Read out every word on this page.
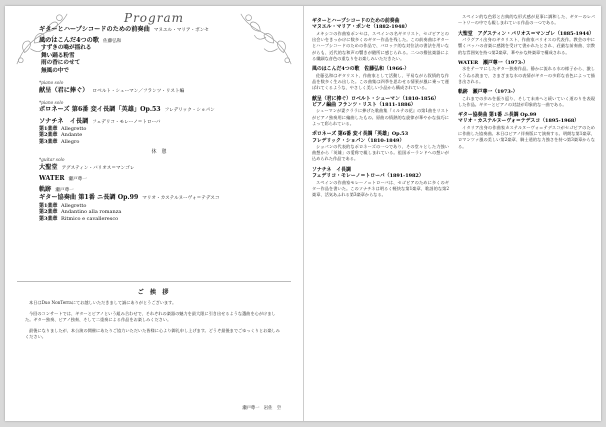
Program
ギターとハープシコードのための前奏曲 マヌエル・マリア・ポンセ
風のはこんだ4つの歌 佐藤弘和
すずきの鳴が揺れる
舞い踊る粉雪
雨の香にのせて
無風の中で
*piano solo
献呈（君に捧ぐ） ロベルト・シューマン／フランツ・リスト編
*piano solo
ポロネーズ 第6番 変イ長調「英雄」Op.53 フレデリック・ショパン
ソナチネ　イ長調 フェデリコ・モレーノ＝トローバ
第1楽章 Allegretto
第2楽章 Andante
第3楽章 Allegro
休　憩
*guitar solo
大聖堂 アグスティン・バリオス＝マンゴレ
WATER 瀬戸尊一
軌跡 瀬戸尊一
ギター協奏曲 第1番 ニ長調 Op.99 マリオ・カステルヌーヴォ＝テデスコ
第1楽章 Allegretto
第2楽章 Andantino alla romanza
第3楽章 Ritmico e cavalleresco
ご 挨 拶

本日はDuo NonTerraにてお越しいただきまして誠にありがとうございます。

今回のコンサートでは、ギターとピアノという組み合わせで、それぞれの楽器の魅力を最大限に引き出せるような選曲を心がけました。ギター独奏、ピアノ独奏、そして二重奏による作品をお楽しみください。

最後になりましたが、本公演の開催にあたりご協力いただいた皆様に心より御礼申し上げます。どうぞ最後までごゆっくりとお楽しみください。

瀬戸尊一　岩佐　空
ギターとハープシコードのための前奏曲
マヌエル・マリア・ポンセ（1882-1948）
メキシコの作曲家ポンセは、スペインの名ギタリスト、セゴビアとの出会いをきっかけに数多くのギター作品を残した。この前奏曲はギターとハープシコードのための作品で、バロック的な対位法の書法を用いながらも、近代的な和声の響きが随所に感じられる。二つの撥弦楽器による繊細な音色の重なりをお楽しみいただきたい。
風のはこんだ4つの歌　佐藤弘和（1966-）
佐藤弘和はギタリスト、作曲家として活動し、平易ながら叙情的な作品を数多く生み出した。この曲集は四季を思わせる情景が風に乗って運ばれてくるような、やさしく美しい小品から構成されている。
献呈（君に捧ぐ）ロベルト・シューマン（1810-1856）
ピアノ編曲 フランツ・リスト（1811-1886）
シューマンが妻クララに捧げた歌曲集『ミルテの花』の第1曲をリストがピアノ独奏用に編曲したもの。原曲の情熱的な旋律が華やかな技巧によって彩られている。
ポロネーズ 第6番 変イ長調「英雄」Op.53
フレデリック・ショパン（1810-1849）
ショパンの代表的なポロネーズの一つであり、その堂々とした力強い曲想から「英雄」の愛称で親しまれている。祖国ポーランドへの想いが込められた作品である。
ソナチネ　イ長調
フェデリコ・モレーノ＝トローバ（1891-1982）
スペインの作曲家モレーノ＝トローバは、セゴビアのために多くのギター作品を書いた。このソナチネは明るく軽快な第1楽章、歌謡的な第2楽章、活気あふれる第3楽章からなる。
スペイン的な色彩と古典的な形式感が見事に調和した、ギターのレパートリーの中でも親しまれている作品の一つである。
大聖堂　アグスティン・バリオス＝マンゴレ（1885-1944）
パラグアイ出身のギタリスト、作曲家バリオスの代表作。教会の中に響くバッハの音楽に感銘を受けて書かれたとされ、荘厳な前奏曲、宗教的な雰囲気を持つ第2楽章、華やかな終楽章で構成される。
WATER　瀬戸尊一（1973-）
水をテーマにしたギター独奏作品。静かに流れる水の様子から、激しくうねる波まで、さまざまな水の表情がギターの多彩な音色によって描き出される。
軌跡　瀬戸尊一（1973-）
これまでの歩みを振り返り、そして未来へと続いていく道のりを表現した作品。ギターとピアノの対話が印象的な一曲である。
ギター協奏曲 第1番 ニ長調 Op.99
マリオ・カステルヌーヴォ＝テデスコ（1895-1968）
イタリア出身の作曲家カステルヌーヴォ＝テデスコがセゴビアのために作曲した協奏曲。本日はピアノ伴奏版にて演奏する。明朗な第1楽章、ロマンツァ風の美しい第2楽章、騎士道的な力強さを持つ第3楽章からなる。
